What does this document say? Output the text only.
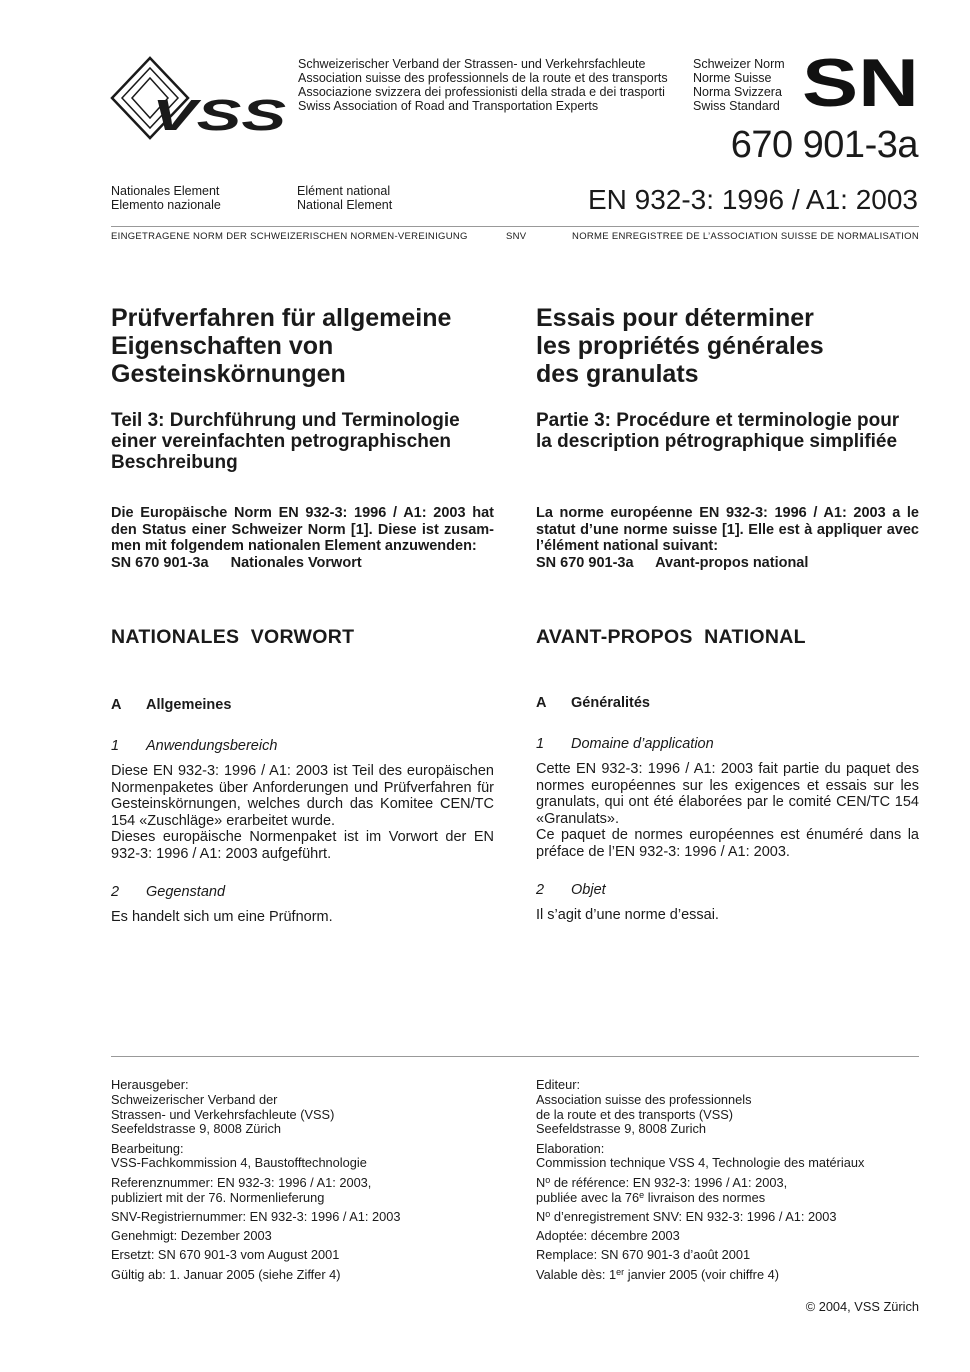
VSS
Schweizerischer Verband der Strassen- und Verkehrsfachleute
Association suisse des professionnels de la route et des transports
Associazione svizzera dei professionisti della strada e dei trasporti
Swiss Association of Road and Transportation Experts
Schweizer Norm
Norme Suisse
Norma Svizzera
Swiss Standard SN
670 901-3a
Nationales Element
Elemento nazionale
Elément national
National Element	EN 932-3: 1996 / A1: 2003
EINGETRAGENE NORM DER SCHWEIZERISCHEN NORMEN-VEREINIGUNG	SNV	NORME ENREGISTREE DE L’ASSOCIATION SUISSE DE NORMALISATION
Prüfverfahren für allgemeine
Eigenschaften von
Gesteinskörnungen
Teil 3: Durchführung und Terminologie
einer vereinfachten petrographischen
Beschreibung
Die Europäische Norm EN 932-3: 1996 / A1: 2003 hat
den Status einer Schweizer Norm [1]. Diese ist zusam-
men mit folgendem nationalen Element anzuwenden:
SN 670 901-3a Nationales Vorwort
NATIONALES  VORWORT
A Allgemeines
1 Anwendungsbereich
Diese EN 932-3: 1996 / A1: 2003 ist Teil des europäischen Normenpaketes über Anforderungen und Prüfverfahren für Gesteinskörnungen, welches durch das Komitee CEN/TC 154 «Zuschläge» erarbeitet wurde.
Dieses europäische Normenpaket ist im Vorwort der EN 932-3: 1996 / A1: 2003 aufgeführt.
2 Gegenstand
Es handelt sich um eine Prüfnorm.
Essais pour déterminer
les propriétés générales
des granulats
Partie 3: Procédure et terminologie pour
la description pétrographique simplifiée
La norme européenne EN 932-3: 1996 / A1: 2003 a le
statut d’une norme suisse [1]. Elle est à appliquer avec
l’élément national suivant:
SN 670 901-3a Avant-propos national
AVANT-PROPOS  NATIONAL
A Généralités
1 Domaine d’application
Cette EN 932-3: 1996 / A1: 2003 fait partie du paquet des normes européennes sur les exigences et essais sur les granulats, qui ont été élaborées par le comité CEN/TC 154 «Granulats».
Ce paquet de normes européennes est énuméré dans la préface de l’EN 932-3: 1996 / A1: 2003.
2 Objet
Il s’agit d’une norme d’essai.
Herausgeber:
Schweizerischer Verband der
Strassen- und Verkehrsfachleute (VSS)
Seefeldstrasse 9, 8008 Zürich
Bearbeitung:
VSS-Fachkommission 4, Baustofftechnologie
Referenznummer: EN 932-3: 1996 / A1: 2003,
publiziert mit der 76. Normenlieferung
SNV-Registriernummer: EN 932-3: 1996 / A1: 2003
Genehmigt: Dezember 2003
Ersetzt: SN 670 901-3 vom August 2001
Gültig ab: 1. Januar 2005 (siehe Ziffer 4)
Editeur:
Association suisse des professionnels
de la route et des transports (VSS)
Seefeldstrasse 9, 8008 Zurich
Elaboration:
Commission technique VSS 4, Technologie des matériaux
$N^o$ de référence: EN 932-3: 1996 / A1: 2003,
publiée avec la 76e livraison des normes
$N^o$ d’enregistrement SNV: EN 932-3: 1996 / A1: 2003
Adoptée: décembre 2003
Remplace: SN 670 901-3 d’août 2001
Valable dès: 1er janvier 2005 (voir chiffre 4)
© 2004, VSS Zürich
